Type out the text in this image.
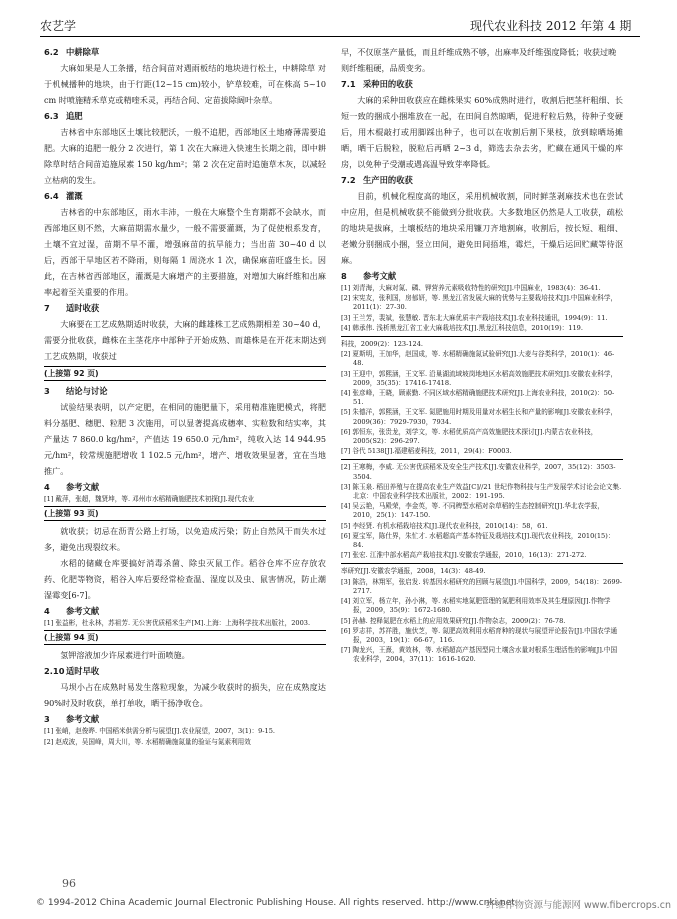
农艺学	现代农业科技 2012 年第 4 期
6.2 中耕除草
大麻如果是人工条播，结合间苗对遇雨板结的地块进行松土，中耕除草 对于机械播种的地块，由于行距(12~15 cm)较小，铲草较难，可在株高 5~10 cm 时喷施精禾草克或精喹禾灵，再结合间、定苗拔除阔叶杂草。
6.3 追肥
吉林省中东部地区土壤比较肥沃，一般不追肥，西部地区土地瘠薄需要追肥。大麻的追肥一般分 2 次进行，第 1 次在大麻进入快速生长期之前，即中耕除草时结合间苗追施尿素 150 kg/hm²；第 2 次在定苗时追施草木灰，以减轻立枯病的发生。
6.4 灌溉
吉林省的中东部地区，雨水丰沛，一般在大麻整个生育期都不会缺水，而西部地区则不然，大麻苗期需水量少，一般不需要灌溉，为了促使根系发育，土壤不宜过湿，苗期不旱不灌，增强麻苗的抗旱能力；当出苗 30~40 d 以后，西部干旱地区若不降雨，则每隔 1 周浇水 1 次，确保麻苗旺盛生长。因此，在吉林省西部地区，灌溉是大麻增产的主要措施，对增加大麻纤维和出麻率起着至关重要的作用。
7 适时收获
大麻要在工艺成熟期适时收获，大麻的雌雄株工艺成熟期相差 30~40 d，需要分批收获，雌株在主茎花序中部种子开始成熟、而雄株是在开花末期达到工艺成熟期，收获过
(上接第 92 页)
3 结论与讨论
试验结果表明，以产定肥，在相同的施肥量下，采用精准施肥模式，将肥料分基肥、穗肥、粒肥 3 次施用，可以显著提高成穗率、实粒数和结实率，其产量达 7 860.0 kg/hm²，产值达 19 650.0 元/hm²，纯收入达 14 944.95 元/hm²，较常规施肥增收 1 102.5 元/hm²，增产、增收效果显著，宜在当地推广。
4 参考文献
[1] 戴萍，张超，魏贤坤，等. 邓州市水稻精确施肥技术初探[J].现代农业
(上接第 93 页)
就收获；切忌在沥青公路上打场，以免造成污染；防止自然风干而失水过多，避免出现裂纹米。
水稻的储藏仓库要搞好消毒杀菌、除虫灭鼠工作。稻谷仓库不应存放农药、化肥等物资，稻谷入库后要经常检查温、湿度以及虫、鼠害情况，防止潮湿霉变[6-7]。
4 参考文献
[1] 张益彬，杜永林，苏祖芳. 无公害优质稻米生产[M].上海：上海科学技术出版社，2003.
(上接第 94 页)
氢钾溶液加少许尿素进行叶面喷施。
2.10 适时早收
马坝小占在成熟时易发生落粒现象，为减少收获时的损失，应在成熟度达 90%时及时收获，单打单收，晒干扬净收仓。
3 参考文献
[1] 张峭，赵俊晔. 中国稻米供需分析与展望[J].农业展望，2007，3(1)：9-15.
[2] 赵成波，吴国峰，周大川，等. 水稻精确施氮量的验证与氮素利用效
早，不仅原茎产量低，而且纤维成熟不够，出麻率及纤维强度降低；收获过晚则纤维粗硬，品质变劣。
7.1 采种田的收获
大麻的采种田收获应在雌株果实 60%成熟时进行，收割后把茎秆粗细、长短一致的捆成小捆堆放在一起，在田间自然晾晒，促进籽粒后熟，待种子变硬后，用木棍敲打或用脚踩出种子，也可以在收割后割下果枝，放到晾晒场摊晒，晒干后脱粒，脱粒后再晒 2~3 d，筛选去杂去劣，贮藏在通风干燥的库房，以免种子受潮或遇高温导致芽率降低。
7.2 生产田的收获
目前，机械化程度高的地区，采用机械收割，同时鲜茎剥麻技术也在尝试中应用，但是机械收获不能做到分批收获。大多数地区仍然是人工收获，疏松的地块是拔麻，土壤板结的地块采用镰刀齐地割麻，收割后，按长短、粗细、老嫩分别捆成小捆，竖立田间，避免田间捂堆，霉烂，干燥后运回贮藏等待沤麻。
8 参考文献
[1] 刘青海，大麻对氮、磷、钾营养元素吸收特性的研究[J].中国麻业，1983(4)：36-41.
[2] 宋宪友，张利国，房郁妍，等. 黑龙江省发展大麻的优势与主要栽培技术[J].中国麻业科学，2011(1)：27-30.
[3] 王兰芳，裴斌，张慧敏. 晋东北大麻优质丰产栽培技术[J].农业科技通讯，1994(9)：11.
[4] 韩承伟. 浅析黑龙江省工业大麻栽培技术[J].黑龙江科技信息，2010(19)：119.
科技，2009(2)：123-124.
[2] 夏斯明，王加华，赵国成，等. 水稻精确施氮试验研究[J].大麦与谷类科学，2010(1)：46-48.
[3] 王迎中，郭熙涵，王文军. 沿巢湖流域坡岗地地区水稻高效施肥技术研究[J].安徽农业科学，2009，35(35)：17416-17418.
[4] 张彦峰，王晓，顾素勤. 不同区域水稻精确施肥技术研究[J].上海农业科技，2010(2)：50-51.
[5] 朱德洋，郭熙涵，王文军. 氮肥施用时期及用量对水稻生长和产量的影响[J].安徽农业科学，2009(36)：7929-7930，7934.
[6] 郭恒东，张贵龙，刘学文，等. 水稻优质高产高效施肥技术探讨[J].内蒙古农业科技，2005(S2)：296-297.
[7] 谷代 5138[J].福建稻麦科技，2011，29(4)：F0003.
[2] 王寒梅，李威. 无公害优质稻米及安全生产技术[J].安徽农业科学，2007，35(12)：3503-3504.
[3] 陈玉泉. 稻田养殖与在提高农业生产效益[C]//21 世纪作物科技与生产发展学术讨论会论文集. 北京：中国农业科学技术出版社，2002：191-195.
[4] 吴云艳，马殿荣，李金英，等. 不同稗型水稻对杂草稻的生态控制研究[J].华北农学报，2010，25(1)：147-150.
[5] 李经贤. 有机水稻栽培技术[J].现代农业科技，2010(14)：58，61.
[6] 夏宝军，陈仕界，朱忙才. 水稻超高产基本特征及栽培技术[J].现代农业科技，2010(15)：84.
[7] 张宏. 江淮中部水稻高产栽培技术[J].安徽农学通报，2010，16(13)：271-272.
率研究[J].安徽农学通报，2008，14(3)：48-49.
[3] 陈浩，林翔军，张启发. 转基因水稻研究的回顾与展望[J].中国科学，2009，54(18)：2699-2717.
[4] 刘立军，杨立年，孙小淋，等. 水稻实地氮肥管理的氮肥利用效率及其生理原因[J].作物学报，2009，35(9)：1672-1680.
[5] 孙赫. 控释氮肥在水稻上的应用效果研究[J].作物杂志，2009(2)：76-78.
[6] 罗志祥，苏祥胜，施伏芝，等. 氮肥高效利用水稻育种的现状与展望评论报告[J].中国农学通报，2003，19(1)：66-67，116.
[7] 陶龙兴，王熹，黄效林，等. 水稻超高产基因型同土壤含水量对根系生理活性的影响[J].中国农业科学，2004，37(11)：1616-1620.
96
© 1994-2012 China Academic Journal Electronic Publishing House. All rights reserved. http://www.cnki.net
纤维作物资源与能源网 www.fibercrops.cn
